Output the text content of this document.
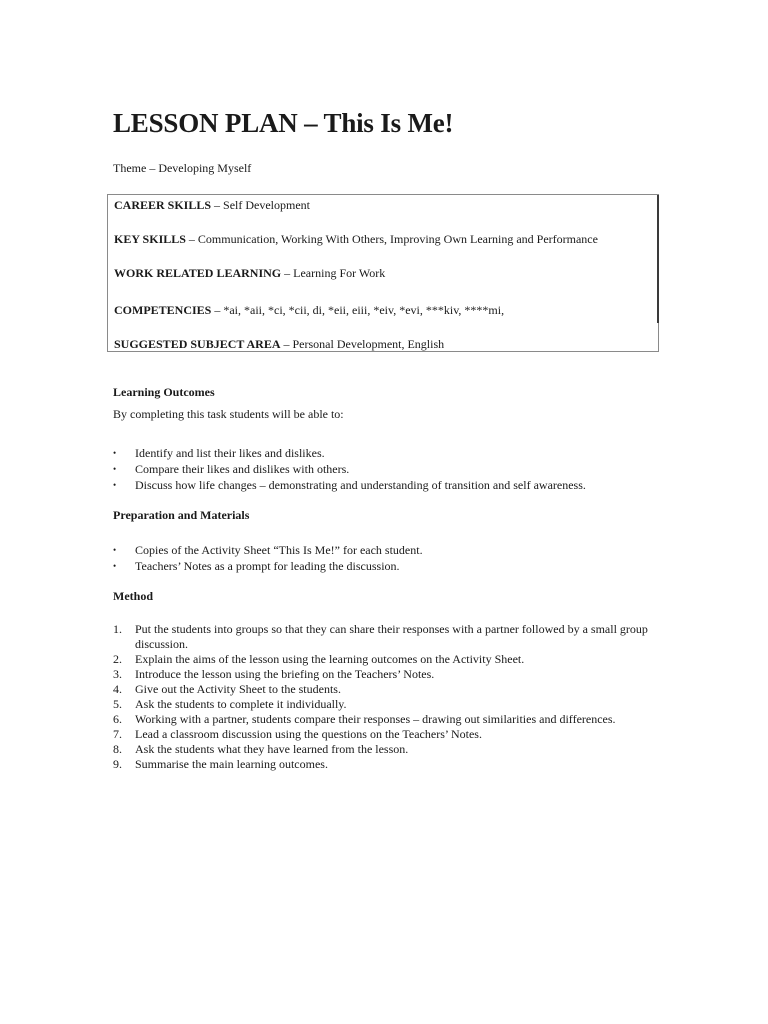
LESSON PLAN – This Is Me!
Theme – Developing Myself
CAREER SKILLS – Self Development
KEY SKILLS – Communication, Working With Others, Improving Own Learning and Performance
WORK RELATED LEARNING – Learning For Work
COMPETENCIES – *ai, *aii, *ci, *cii, di, *eii, eiii, *eiv, *evi, ***kiv, ****mi,
SUGGESTED SUBJECT AREA – Personal Development, English
Learning Outcomes
By completing this task students will be able to:
•	Identify and list their likes and dislikes.
•	Compare their likes and dislikes with others.
•	Discuss how life changes – demonstrating and understanding of transition and self awareness.
Preparation and Materials
•	Copies of the Activity Sheet “This Is Me!” for each student.
•	Teachers’ Notes as a prompt for leading the discussion.
Method
1.	Put the students into groups so that they can share their responses with a partner followed by a small group discussion.
2.	Explain the aims of the lesson using the learning outcomes on the Activity Sheet.
3.	Introduce the lesson using the briefing on the Teachers’ Notes.
4.	Give out the Activity Sheet to the students.
5.	Ask the students to complete it individually.
6.	Working with a partner, students compare their responses – drawing out similarities and differences.
7.	Lead a classroom discussion using the questions on the Teachers’ Notes.
8.	Ask the students what they have learned from the lesson.
9.	Summarise the main learning outcomes.
